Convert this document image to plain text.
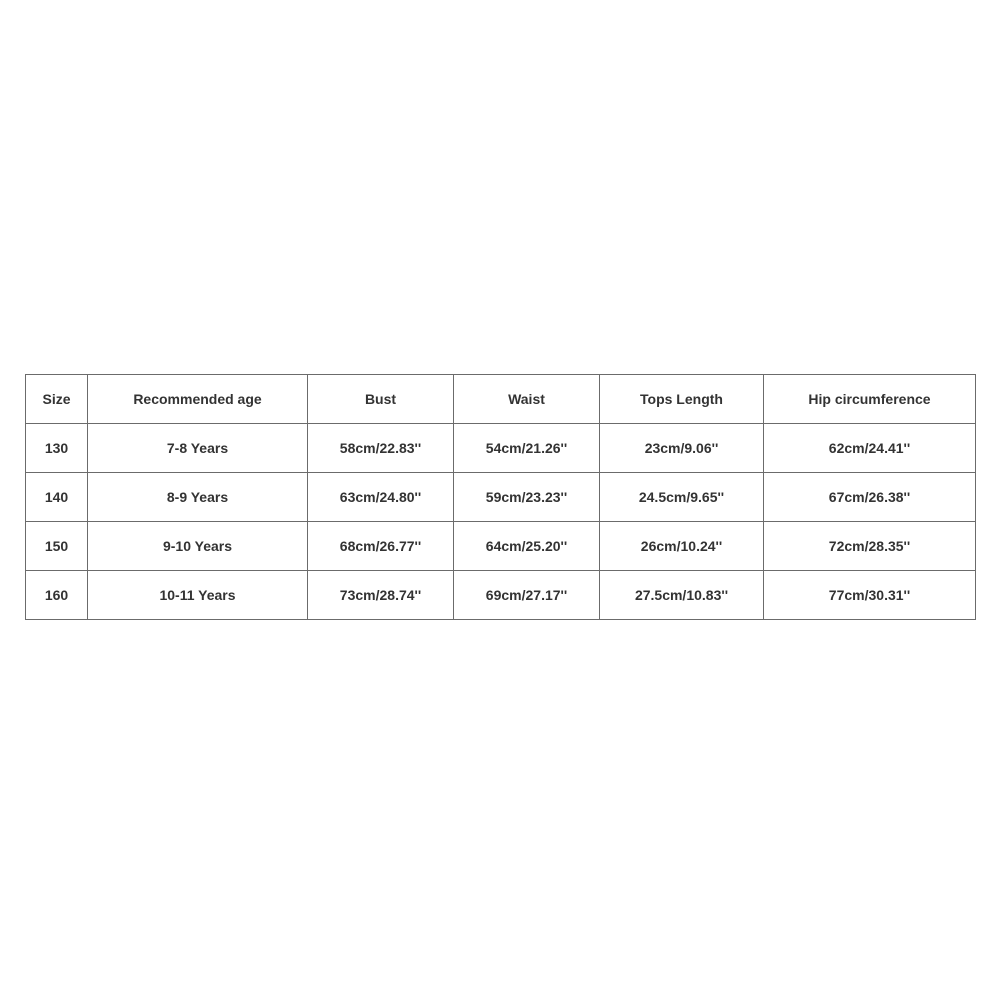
Size	Recommended age	Bust	Waist	Tops Length	Hip circumference
130	7-8 Years	58cm/22.83''	54cm/21.26''	23cm/9.06''	62cm/24.41''
140	8-9 Years	63cm/24.80''	59cm/23.23''	24.5cm/9.65''	67cm/26.38''
150	9-10 Years	68cm/26.77''	64cm/25.20''	26cm/10.24''	72cm/28.35''
160	10-11 Years	73cm/28.74''	69cm/27.17''	27.5cm/10.83''	77cm/30.31''
